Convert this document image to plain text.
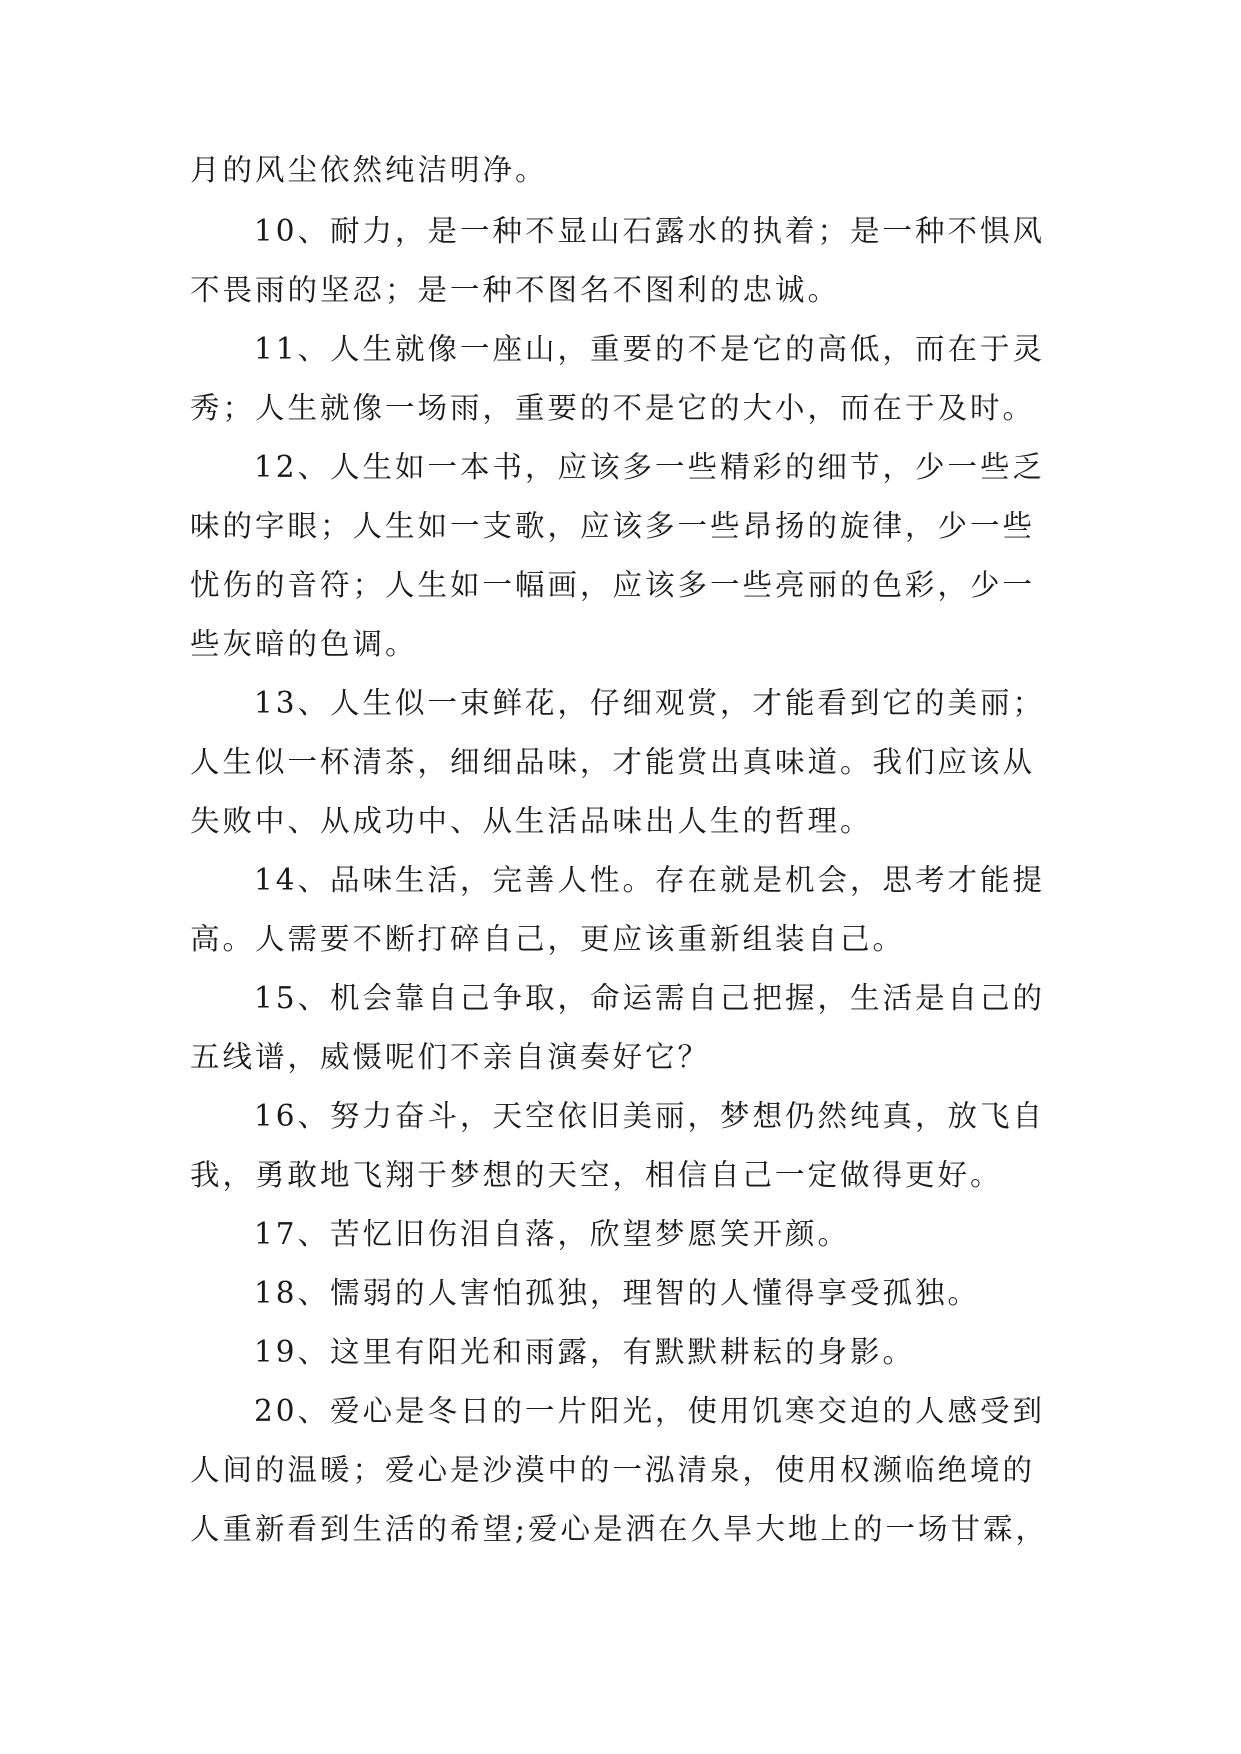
月的风尘依然纯洁明净。
10、耐力，是一种不显山石露水的执着；是一种不惧风
不畏雨的坚忍；是一种不图名不图利的忠诚。
11、人生就像一座山，重要的不是它的高低，而在于灵
秀；人生就像一场雨，重要的不是它的大小，而在于及时。
12、人生如一本书，应该多一些精彩的细节，少一些乏
味的字眼；人生如一支歌，应该多一些昂扬的旋律，少一些
忧伤的音符；人生如一幅画，应该多一些亮丽的色彩，少一
些灰暗的色调。
13、人生似一束鲜花，仔细观赏，才能看到它的美丽；
人生似一杯清茶，细细品味，才能赏出真味道。我们应该从
失败中、从成功中、从生活品味出人生的哲理。
14、品味生活，完善人性。存在就是机会，思考才能提
高。人需要不断打碎自己，更应该重新组装自己。
15、机会靠自己争取，命运需自己把握，生活是自己的
五线谱，威慑呢们不亲自演奏好它？
16、努力奋斗，天空依旧美丽，梦想仍然纯真，放飞自
我，勇敢地飞翔于梦想的天空，相信自己一定做得更好。
17、苦忆旧伤泪自落，欣望梦愿笑开颜。
18、懦弱的人害怕孤独，理智的人懂得享受孤独。
19、这里有阳光和雨露，有默默耕耘的身影。
20、爱心是冬日的一片阳光，使用饥寒交迫的人感受到
人间的温暖；爱心是沙漠中的一泓清泉，使用权濒临绝境的
人重新看到生活的希望;爱心是洒在久旱大地上的一场甘霖，
